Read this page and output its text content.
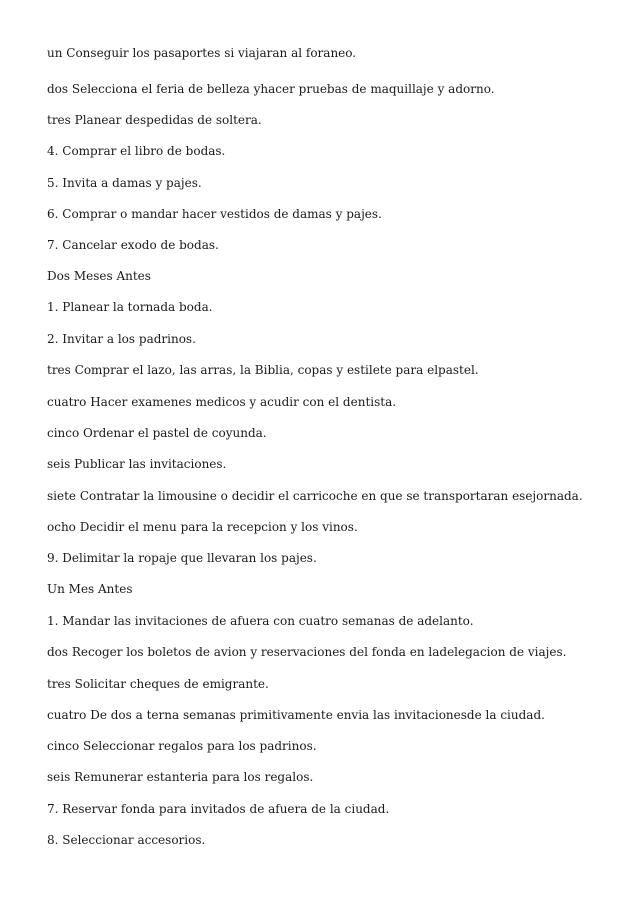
un Conseguir los pasaportes si viajaran al foraneo.

dos Selecciona el feria de belleza yhacer pruebas de maquillaje y adorno.

tres Planear despedidas de soltera.

4. Comprar el libro de bodas.

5. Invita a damas y pajes.

6. Comprar o mandar hacer vestidos de damas y pajes.

7. Cancelar exodo de bodas.

Dos Meses Antes

1. Planear la tornada boda.

2. Invitar a los padrinos.

tres Comprar el lazo, las arras, la Biblia, copas y estilete para elpastel.

cuatro Hacer examenes medicos y acudir con el dentista.

cinco Ordenar el pastel de coyunda.

seis Publicar las invitaciones.

siete Contratar la limousine o decidir el carricoche en que se transportaran esejornada.

ocho Decidir el menu para la recepcion y los vinos.

9. Delimitar la ropaje que llevaran los pajes.

Un Mes Antes

1. Mandar las invitaciones de afuera con cuatro semanas de adelanto.

dos Recoger los boletos de avion y reservaciones del fonda en ladelegacion de viajes.

tres Solicitar cheques de emigrante.

cuatro De dos a terna semanas primitivamente envia las invitacionesde la ciudad.

cinco Seleccionar regalos para los padrinos.

seis Remunerar estanteria para los regalos.

7. Reservar fonda para invitados de afuera de la ciudad.

8. Seleccionar accesorios.
